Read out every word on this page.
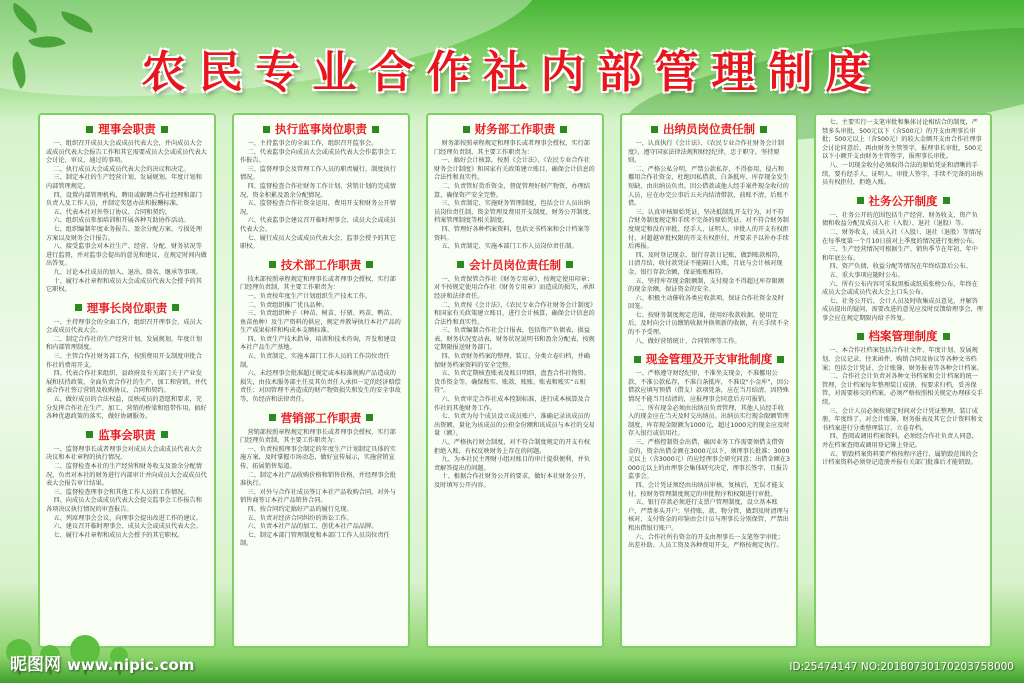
农民专业合作社内部管理制度
理事会职责

一、组织召开成员大会或成员代表大会，并向成员大会或成员代表大会报告工作和其它需要成员大会或成员代表大会讨论、审议、通过的事项。

二、执行成员大会或成员代表大会的决议和决定。

三、制定本社的生产经营计划、发展规划、年度计划和内部管理规定。

四、设置内部管理机构，聘用或解聘合作社经理和部门负责人及工作人员，并制定奖惩办法和报酬标准。

五、代表本社对外签订协议、合同和契约。

六、组织成员参加培训和开展各种互助协作活动。

七、组织编制年度业务报告、盈余分配方案、亏损处理方案以及财务会计报告。

八、接受监事会对本社生产、经营、分配、财务状况等进行监督，并对监事会提出的意见和建议，在规定时间内做出答复。

九、讨论本社成员的加入、退出、除名、继承等事项。

十、履行本社章程和成员大会或成员代表大会授予的其它职权。

理事长岗位职责

一、主持理事会的全面工作，组织召开理事会、成员大会或成员代表大会。

二、制定合作社的生产经营计划，发展规划，年度计划和内部管理制度。

三、主管合作社财务部工作，按照费用开支制度审批合作社的费用开支。

四、代表合作社来组织、县政府及有关部门关于产业发展和扶持政策，全面负责合作社的生产、加工和营销，并代表合作社签订营销及收购协议、合同和契约。

五、做好成员的合法权益，反映成员的意愿和要求，充分发挥合作社在生产、加工、营销的桥梁和纽带作用，搞好各种优惠政策的落实，做好协调服务。

监事会职责

一、监督理事长或者理事会对成员大会或成员代表大会决议和本社章程的执行情况。

二、监督检查本社的生产经营和财务收支及盈余分配情况，负责对本社的财务进行内部审计并向成员大会或成员代表大会报告审计结果。

三、监督检查理事会和其他工作人员的工作情况。

四、向成员大会或成员代表大会提交监事会工作报告和各项决议执行情况的审查报告。

五、列席理事会会议，向理事会提出改进工作的建议。

六、建议召开临时理事会、成员大会或成员代表大会。

七、履行本社章程和成员大会授予的其它职权。

执行监事岗位职责

一、主持监事会的全面工作，组织召开监事会。

二、代表监事会向成员大会或成员代表大会作监事会工作报告。

三、监督理事会及管理工作人员的职责履行，制度执行情况。

四、监督检查合作社财务工作计划，营销计划的完成情况，资金积累及盈余分配情况。

五、监督检查合作社资金运用，费用开支和财务公开情况。

六、代表监事会建议召开临时理事会、成员大会或成员代表大会。

七、履行成员大会或成员代表大会、监事会授予的其它职权。

技术部工作职责

技术部按照章程规定和理事长或者理事会授权，实行部门经理负责制，其主要工作职责为：

一、负责按年度生产计划组织生产技术工作。

二、负责组织推广优良品种。

三、负责组织种子（种苗、树苗、仔猪、鸡苗、鸭苗、鱼苗鱼种）及生产资料的供应，规定并教导执行本社产品的生产成果标样和构成本支额标准。

四、负责生产技术指导、培训和技术咨询，开发和建设本社产品生产基地。

五、负责制定、实施本部门工作人员的工作岗位责任制。

六、未经理事会批准超过规定或本标准规购产品造成的损失，由技术服务部主任及其负责任人承担一定的经济赔偿责任；对因管理不善造成的财产物资损失和发生的安全事故等，负经济和法律责任。

营销部工作职责

营销部按照章程规定和理事长或者理事会授权，实行部门经理负责制，其主要工作职责为：

一、负责按照理事会制定的年度生产计划制定具体的实施方案，及时掌握市场动态，做好宣传展示，实施营销宣传、拓展销售渠道。

二、制定本社产品收购价格和销售价格，并经理事会批准执行。

三、对外与合作社成员签订本社产品收购合同，对外与销售商签订本社产品销售合同。

四、按合同约定搞好产品的履行兑现。

五、负责对经济合同纠纷的诉讼工作。

六、负责本社产品的加工、创优本社产品品牌。

七、制定本部门管理制度和本部门工作人员岗位责任制。

财务部工作职责

财务部按照章程规定和理事长或者理事会授权，实行部门经理负责制，其主要工作职责为：

一、搞好会计核算，按照《会计法》、《农民专业合作社财务会计制度》和国家有关政策建立账目，确保会计信息的合法性和真实性。

二、负责管好货币资金，督促管理好财产物资，办理结算，确保资产安全完整。

三、负责制定、实施财务管理制度，包括会计人员出纳员岗位责任制，资金管理及费用开支制度、财务公开制度、档案管理制度等相关制度。

四、管理好各种档案资料，包括文书档案和会计档案等资料。

五、负责制定、实施本部门工作人员岗位责任制。

会计员岗位责任制

一、负责保管合作社《财务专用章》，按规定使用印章；对不按规定使用合作社《财务专用章》而造成的损失，承担经济和法律责任。

二、负责按《会计法》、《农民专业合作社财务会计制度》和国家有关政策建立账目，进行会计核算，确保会计信息的合法性和真实性。

三、负责编制合作社会计报表，包括资产负债表、损益表、财务状况变动表，财务状况说明书和盈余分配表，按规定期限报送财务部门。

四、负责财务档案的整理、装订、分类立卷归档，并确保财务档案资料的安全完整。

五、负责定期核查账表及账目明细，盘查合作社物资、货币资金等，确保账实、账款、账账、账表和账实“五相符”。

六、负责审定合作社成本控制标准，进行成本核算及合作社的其他财务工作。

七、负责为每个成员设立成员账户，准确记录该成员的出资额、量化为该成员的公积金份额和该成员与本社的交易量（额）。

八、严格执行财会制度，对不符合制度规定的开支有权拒绝入账，有权反映财务上存在的问题。

九、为本社民主理财小组对账目的审计提供便利，并负责解答提出的问题。

十、根据合作社财务公开的要求，做好本社财务公开，及时填写公开内容。

出纳员岗位责任制

一、认真执行《会计法》、《农民专业合作社财务会计制度》，遵守国家法律法规和财经纪律，忠于职守，坚持原则。

二、严格公私分明，严禁公款私存，不得套用、侵占和挪用合作社资金，杜绝因私借款、白条抵库、库存现金发生短缺、由出纳员负责。因公借款或他人经手案件现金收付的人员，应在办完公事后五天内结清借款，前账不清，后账不借。

三、认真审核原始凭证，坚决抵制乱开支行为，对不符合财务制度规定和手续不完备的原始凭证、对不符合财务制度规定和没有审批、经手人、证明人、审批人的开支有权拒付，对超越审批权限的开支有权拒付，并要求予以补办手续后再报。

四、及时登记现金、银行存款日记账，做到账款相符，日清月结，收付款凭证不能隔日入账，月底与会计核对现金、银行存款余额，保证账账相符。

五、坚持库存现金限额制，支付现金不得超过库存限额的现金余额，保证资金的安全。

六、积极主动催收各类应收款项，保证合作社资金及时回笼。

七、按财务制度规定范围，使用好收款收据，使用完后，及时向会计员缴销收据并换领新的收据，有关手续不全的不予受理。

八、做好营销统计、合同管理等工作。

现金管理及开支审批制度

一、严格遵守财经纪律，不准坐支现金，不准挪用公款，不准公款私存，不准白条抵库，不准设“小金库”，因公借款应填写预借（借支）款项凭条，应在当月结清，因特殊情况不能当月结清的，应报理事会同意后方可报销。

二、所有现金必须由出纳员负责管理，其他人员经手收入的现金应在当天及时交出纳员。出纳员实行现金限额管理制度，库存现金限额为1000元，超过1000元的现金应及时存入银行或信用社。

三、严格控制资金出借，确因业务工作需要须借支借资金的，资金出借金额在3000元以下，须理事长批准；3000元以上（含3000元）的应经理事会研究同意；出借金额在3000元以上的由理事会集体研究决定，理事长签字，且报告监事会。

四、会计凭证须经由出纳员审核，复核后，无误才能支付，按财务管理制度规定的审批程序和权限进行审批。

五、银行存款必须进行支票户管理制度，设立基本账户，严禁多头开户；坚持账、款、物分管，做到及时清理与核对、支付资金的印鉴由会计员与理事长分别保管，严禁出租出借银行账户。

六、合作社所有资金的开支由理事长一支笔签字审批；出差补助、人员工资及各种费用开支，严格按规定执行。

七、主要实行一支笔审批和集体讨论相结合的制度，严禁多头审批，500元以下（含500元）的开支由理事长审批；500元以上（含500元）的较大金额开支由合作社理事会讨论同意后，再由财务主管签字，报理事长审批，500元以下小额开支由财务主管签字，报理事长审批。

八、一切现金收付必须取得合法的原始凭证和清晰的手续，要有经手人、证明人、审批人签字，手续不完备的出纳员有权拒付，拒绝入账。

社务公开制度

一、社务公开的范围包括生产经营、财务收支、资产负债和收益分配及成员入社（入股）、退社（退股）等。

二、财务收支，成员入社（入股）、退社（退股）等情况在每季度第一个月10日前对上季度的情况进行张榜公布。

三、生产经营情况可根据生产、销售季节在年初、年中和年底公布。

四、资产负债，收益分配等情况在年终结算后公布。

五、重大事项应随时公布。

六、所有公布内容可采取黑板或纸质张榜公布，年终在成员大会或成员代表大会上口头公布。

七、社务公开后，会计人员及时收集成员意见，并解答成员提出的疑问，需要改进的意见应及时反馈给理事会，理事会应在规定期限内给予答复。

档案管理制度

一、本合作社档案包括合作社文件、年度计划、发展规划、会议记录、往来函件、购销合同及协议等各种文书档案；包括会计凭证、会计账簿、财务报表等各种会计档案。

二、合作社会计负责对各种文书档案和会计档案的统一管理，会计档案每年整理装订成册，按要求归档，妥善保管，对需要移交的档案，必须严格按照相关规定办理移交手续。

三、会计人员必须按规定时间对会计凭证整理、装订成册，年度终了，对会计账簿、财务报表及其它会计资料和文书档案进行分类整理装订、立卷存档。

四、查阅或调用档案资料，必须经合作社负责人同意，并在档案查阅或调用登记簿上登记。

五、销毁档案资料要严格按程序进行，属销毁范围的会计档案资料必须登记造册并报有关部门批准后才能销毁。

昵图网 www.nipic.com	ID:25474147 NO:20180730170203758000
